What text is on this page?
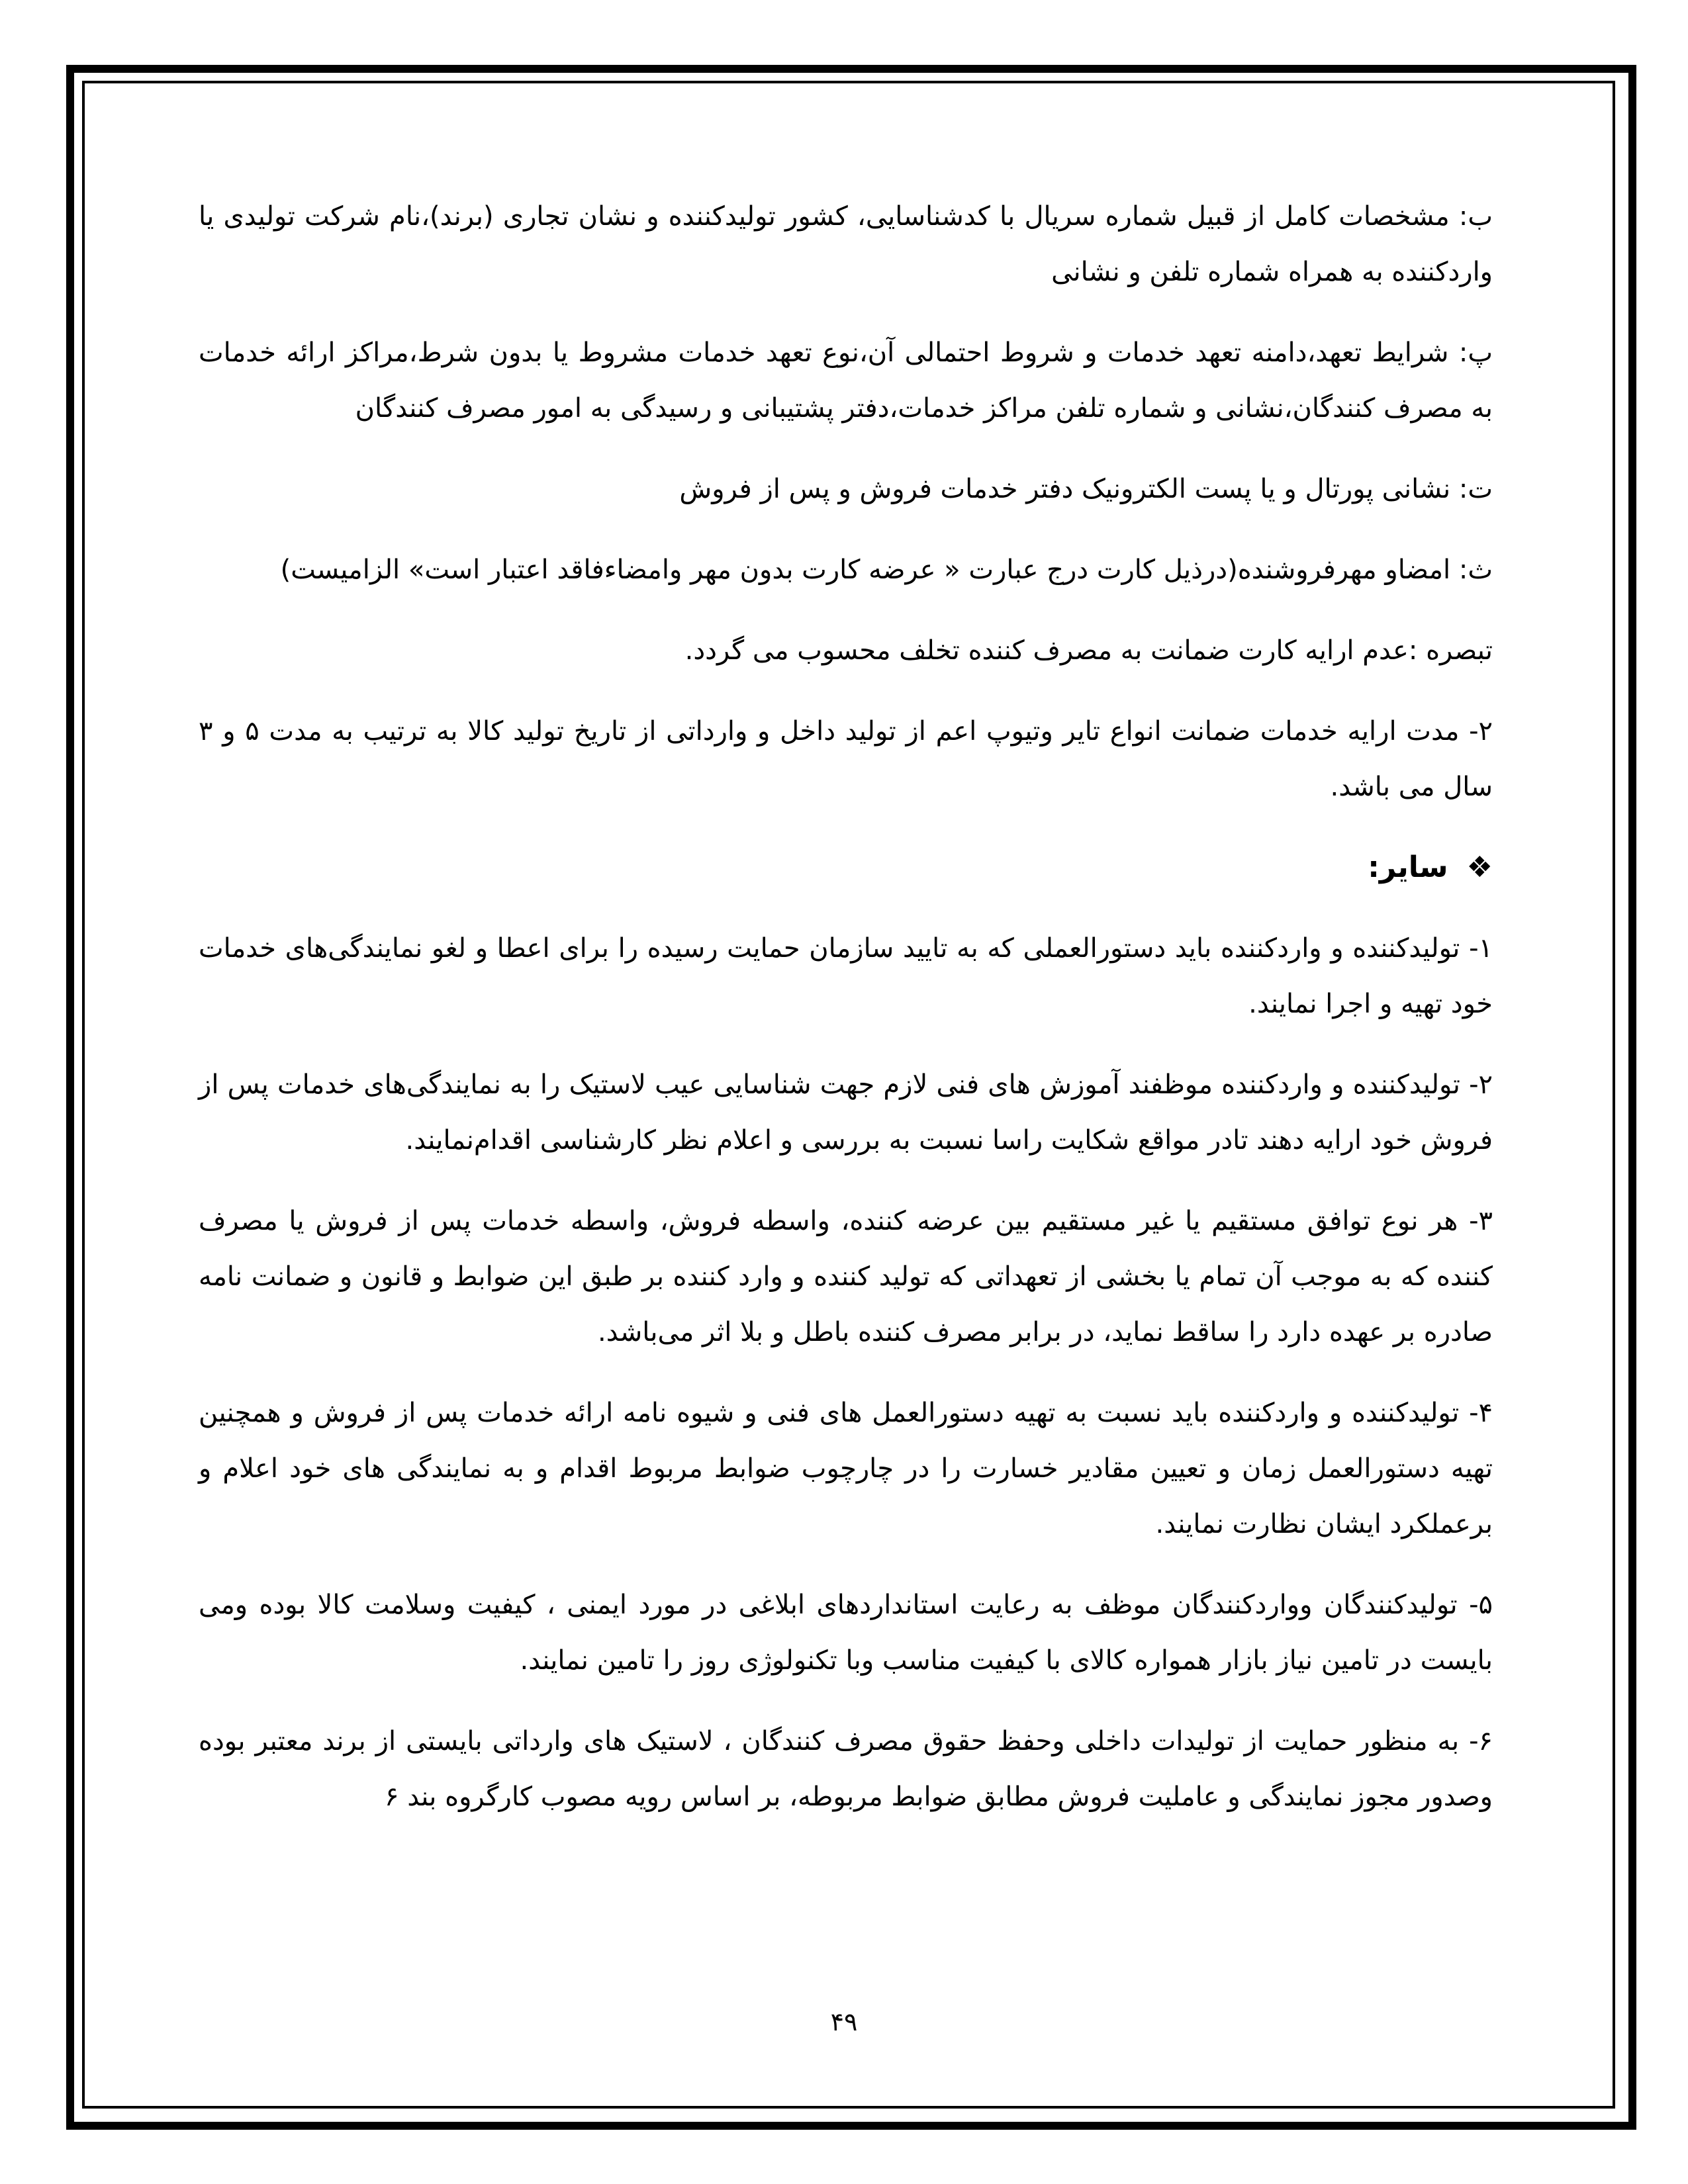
ب: مشخصات کامل از قبیل شماره سریال با کدشناسایی، کشور تولیدکننده و نشان تجاری (برند)،نام شرکت تولیدی یا واردکننده به همراه شماره تلفن و نشانی

پ: شرایط تعهد،دامنه تعهد خدمات و شروط احتمالی آن،نوع تعهد خدمات مشروط یا بدون شرط،مراکز ارائه خدمات به مصرف کنندگان،نشانی و شماره تلفن مراکز خدمات،دفتر پشتیبانی و رسیدگی به امور مصرف کنندگان

ت: نشانی پورتال و یا پست الکترونیک دفتر خدمات فروش و پس از فروش

ث: امضاو مهرفروشنده(درذیل کارت درج عبارت « عرضه کارت بدون مهر وامضاءفاقد اعتبار است» الزامیست)

تبصره :عدم ارایه کارت ضمانت به مصرف کننده تخلف محسوب می گردد.

۲- مدت ارایه خدمات ضمانت انواع تایر وتیوپ اعم از تولید داخل و وارداتی از تاریخ تولید کالا به ترتیب به مدت ۵ و ۳ سال می باشد.

❖سایر:

۱- تولیدکننده و واردکننده باید دستورالعملی که به تایید سازمان حمایت رسیده را برای اعطا و لغو نمایندگی‌های خدمات خود تهیه و اجرا نمایند.

۲- تولیدکننده و واردکننده موظفند آموزش های فنی لازم جهت شناسایی عیب لاستیک را به نمایندگی‌های خدمات پس از فروش خود ارایه دهند تادر مواقع شکایت راسا نسبت به بررسی و اعلام نظر کارشناسی اقدام‌نمایند.

۳- هر نوع توافق مستقیم یا غیر مستقیم بین عرضه کننده، واسطه فروش، واسطه خدمات پس از فروش یا مصرف کننده که به موجب آن تمام یا بخشی از تعهداتی که تولید کننده و وارد کننده بر طبق این ضوابط و قانون و ضمانت نامه صادره بر عهده دارد را ساقط نماید، در برابر مصرف کننده باطل و بلا اثر می‌باشد.

۴- تولیدکننده و واردکننده باید نسبت به تهیه دستورالعمل های فنی و شیوه نامه ارائه خدمات پس از فروش و همچنین تهیه دستورالعمل زمان و تعیین مقادیر خسارت را در چارچوب ضوابط مربوط اقدام و به نمایندگی های خود اعلام و برعملکرد ایشان نظارت نمایند.

۵- تولیدکنندگان وواردکنندگان موظف به رعایت استانداردهای ابلاغی در مورد ایمنی ، کیفیت وسلامت کالا بوده ومی بایست در تامین نیاز بازار همواره کالای با کیفیت مناسب وبا تکنولوژی روز را تامین نمایند.

۶- به منظور حمایت از تولیدات داخلی وحفظ حقوق مصرف کنندگان ، لاستیک های وارداتی بایستی از برند معتبر بوده وصدور مجوز نمایندگی و عاملیت فروش مطابق ضوابط مربوطه، بر اساس رویه مصوب کارگروه بند ۶

۴۹
